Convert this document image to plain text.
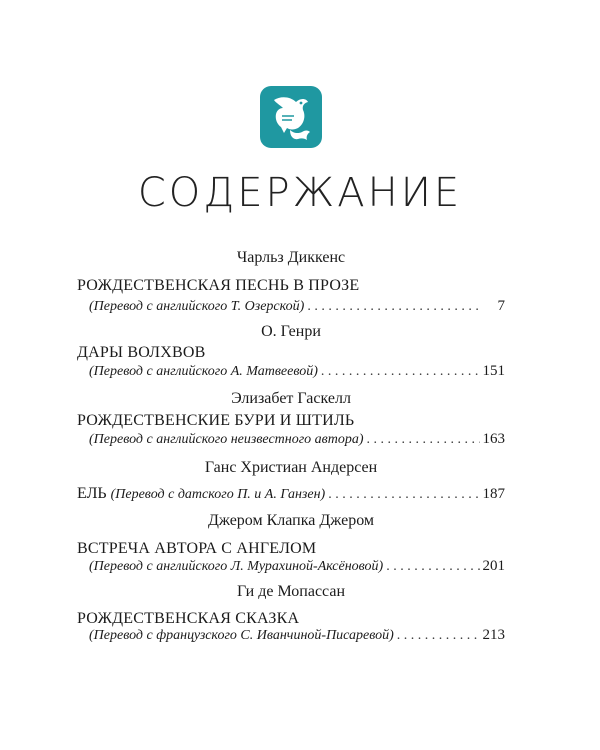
СОДЕРЖАНИЕ
Чарльз Диккенс
РОЖДЕСТВЕНСКАЯ ПЕСНЬ В ПРОЗЕ
(Перевод с английского Т. Озерской) . . .	7
О. Генри
ДАРЫ ВОЛХВОВ
(Перевод с английского А. Матвеевой) . . .	151
Элизабет Гаскелл
РОЖДЕСТВЕНСКИЕ БУРИ И ШТИЛЬ
(Перевод с английского неизвестного автора) . . .	163
Ганс Христиан Андерсен
ЕЛЬ (Перевод с датского П. и А. Ганзен) . . .	187
Джером Клапка Джером
ВСТРЕЧА АВТОРА С АНГЕЛОМ
(Перевод с английского Л. Мурахиной-Аксёновой) . . .	201
Ги де Мопассан
РОЖДЕСТВЕНСКАЯ СКАЗКА
(Перевод с французского С. Иванчиной-Писаревой) . . .	213
